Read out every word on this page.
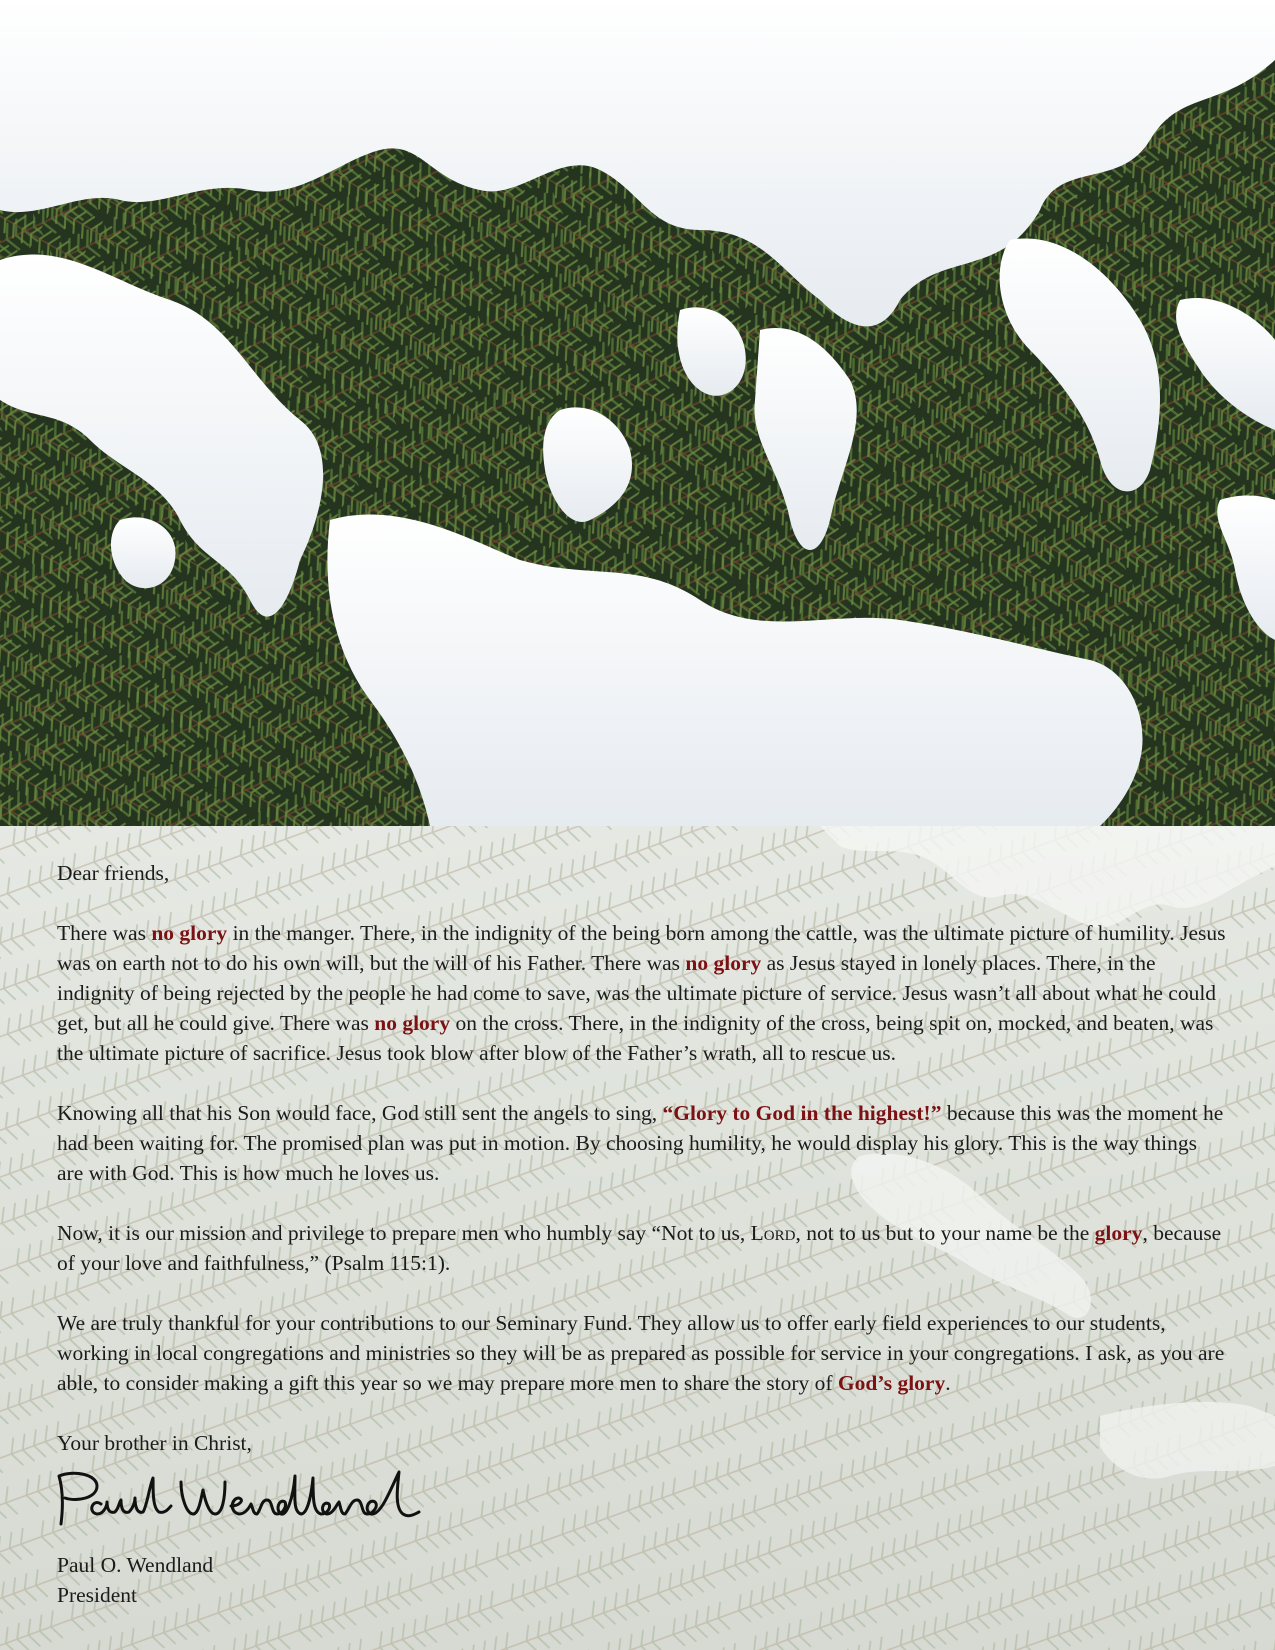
Dear friends,

There was no glory in the manger. There, in the indignity of the being born among the cattle, was the ultimate picture of humility. Jesus was on earth not to do his own will, but the will of his Father. There was no glory as Jesus stayed in lonely places. There, in the indignity of being rejected by the people he had come to save, was the ultimate picture of service. Jesus wasn’t all about what he could get, but all he could give. There was no glory on the cross. There, in the indignity of the cross, being spit on, mocked, and beaten, was the ultimate picture of sacrifice. Jesus took blow after blow of the Father’s wrath, all to rescue us.

Knowing all that his Son would face, God still sent the angels to sing, “Glory to God in the highest!” because this was the moment he had been waiting for. The promised plan was put in motion. By choosing humility, he would display his glory. This is the way things are with God. This is how much he loves us.

Now, it is our mission and privilege to prepare men who humbly say “Not to us, Lord, not to us but to your name be the glory, because of your love and faithfulness,” (Psalm 115:1).

We are truly thankful for your contributions to our Seminary Fund. They allow us to offer early field experiences to our students, working in local congregations and ministries so they will be as prepared as possible for service in your congregations. I ask, as you are able, to consider making a gift this year so we may prepare more men to share the story of God’s glory.

Your brother in Christ,

Paul O. Wendland

President
